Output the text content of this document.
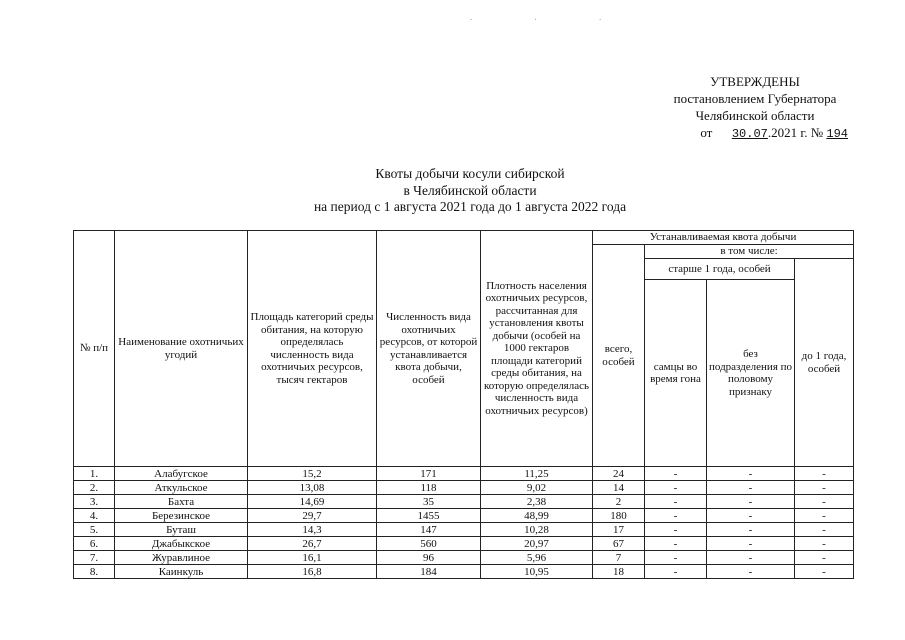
. . .
УТВЕРЖДЕНЫ
постановлением Губернатора
Челябинской области
от 30.07.2021 г. № 194
Квоты добычи косули сибирской
в Челябинской области
на период с 1 августа 2021 года до 1 августа 2022 года
№ п/п	Наименование охотничьих угодий	Площадь категорий среды обитания, на которую определялась численность вида охотничьих ресурсов, тысяч гектаров	Численность вида охотничьих ресурсов, от которой устанавливается квота добычи, особей	Плотность населения охотничьих ресурсов, рассчитанная для установления квоты добычи (особей на 1000 гектаров площади категорий среды обитания, на которую определялась численность вида охотничьих ресурсов)	Устанавливаемая квота добычи			
					всего, особей	в том числе:		
						старше 1 года, особей		до 1 года, особей
						самцы во время гона	без подразделения по половому признаку	
1.	Алабугское	15,2	171	11,25	24	-	-	-
2.	Аткульское	13,08	118	9,02	14	-	-	-
3.	Бахта	14,69	35	2,38	2	-	-	-
4.	Березинское	29,7	1455	48,99	180	-	-	-
5.	Буташ	14,3	147	10,28	17	-	-	-
6.	Джабыкское	26,7	560	20,97	67	-	-	-
7.	Журавлиное	16,1	96	5,96	7	-	-	-
8.	Каинкуль	16,8	184	10,95	18	-	-	-
